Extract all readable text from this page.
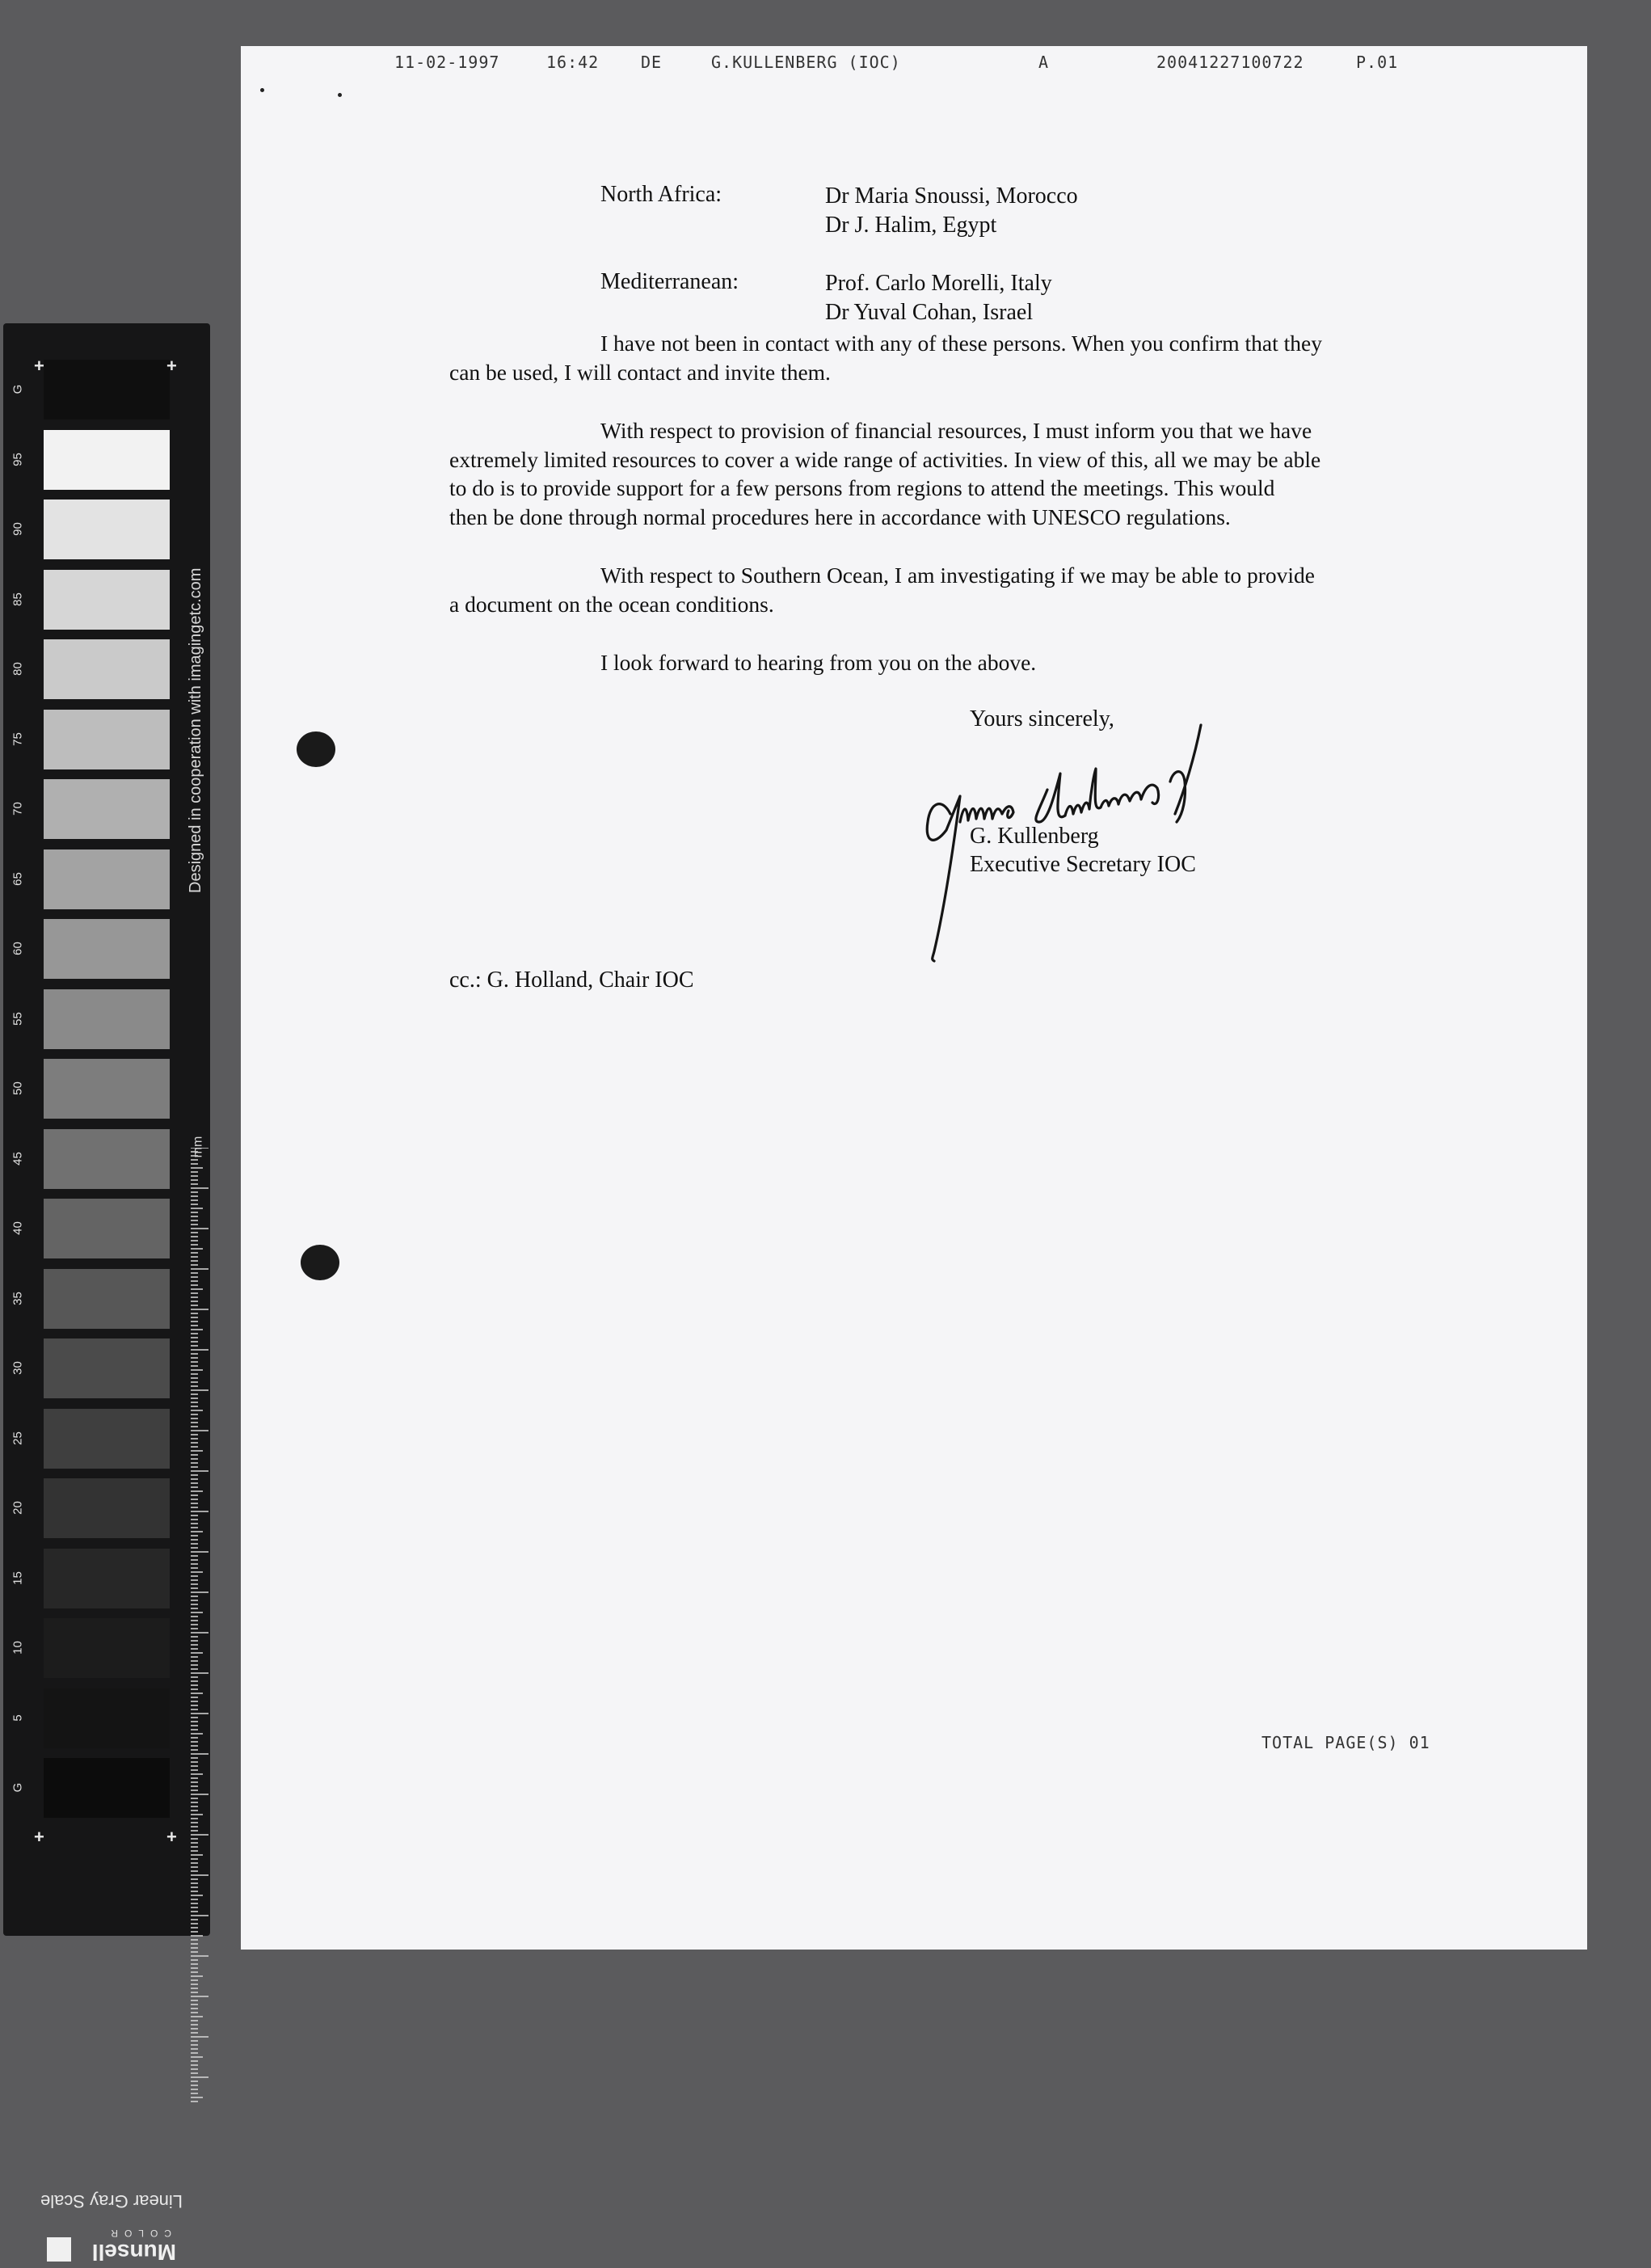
G
95
90
85
80
75
70
65
60
55
50
45
40
35
30
25
20
15
10
5
G
+	+
+	+
Designed in cooperation with imagingetc.com
mm
Linear Gray Scale
Munsell
COLOR
11-02-1997	16:42	DE	G.KULLENBERG (IOC)	A	20041227100722	P.01
North Africa:	Dr Maria Snoussi, Morocco
Dr J. Halim, Egypt
Mediterranean:	Prof. Carlo Morelli, Italy
Dr Yuval Cohan, Israel
I have not been in contact with any of these persons. When you confirm that they
can be used, I will contact and invite them.
With respect to provision of financial resources, I must inform you that we have
extremely limited resources to cover a wide range of activities. In view of this, all we may be able
to do is to provide support for a few persons from regions to attend the meetings. This would
then be done through normal procedures here in accordance with UNESCO regulations.
With respect to Southern Ocean, I am investigating if we may be able to provide
a document on the ocean conditions.
I look forward to hearing from you on the above.
Yours sincerely,
G. Kullenberg
Executive Secretary IOC
cc.: G. Holland, Chair IOC
TOTAL PAGE(S) 01
